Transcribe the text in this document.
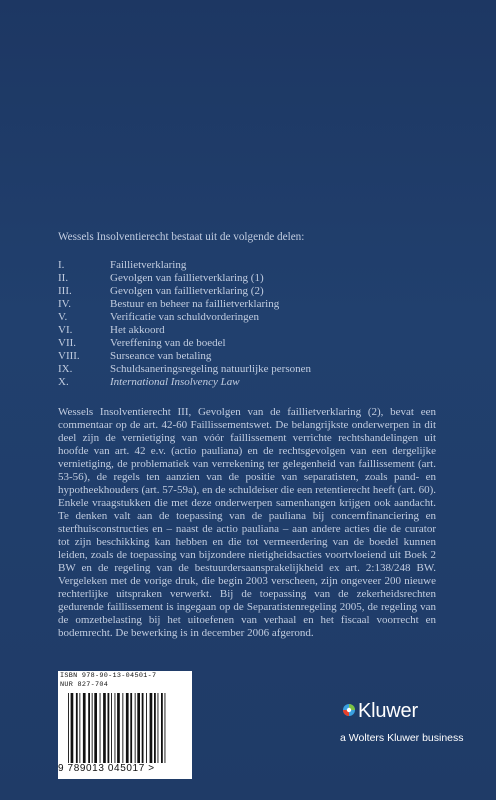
Wessels Insolventierecht bestaat uit de volgende delen:
I.	Faillietverklaring
II.	Gevolgen van faillietverklaring (1)
III.	Gevolgen van faillietverklaring (2)
IV.	Bestuur en beheer na faillietverklaring
V.	Verificatie van schuldvorderingen
VI.	Het akkoord
VII.	Vereffening van de boedel
VIII.	Surseance van betaling
IX.	Schuldsaneringsregeling natuurlijke personen
X.	International Insolvency Law

Wessels Insolventierecht III, Gevolgen van de faillietverklaring (2), bevat een commentaar op de art. 42-60 Faillissementswet. De belangrijkste onderwerpen in dit deel zijn de vernietiging van vóór faillissement verrichte rechtshandelingen uit hoofde van art. 42 e.v. (actio pauliana) en de rechtsgevolgen van een dergelijke vernietiging, de problematiek van verrekening ter gelegenheid van faillissement (art. 53-56), de regels ten aanzien van de positie van separatisten, zoals pand- en hypotheekhouders (art. 57-59a), en de schuldeiser die een retentierecht heeft (art. 60). Enkele vraagstukken die met deze onderwerpen samenhangen krijgen ook aandacht. Te denken valt aan de toepassing van de pauliana bij concernfinanciering en sterfhuisconstructies en – naast de actio pauliana – aan andere acties die de curator tot zijn beschikking kan hebben en die tot vermeerdering van de boedel kunnen leiden, zoals de toepassing van bijzondere nietigheidsacties voortvloeiend uit Boek 2 BW en de regeling van de bestuurdersaansprakelijkheid ex art. 2:138/248 BW. Vergeleken met de vorige druk, die begin 2003 verscheen, zijn ongeveer 200 nieuwe rechterlijke uitspraken verwerkt. Bij de toepassing van de zekerheidsrechten gedurende faillissement is ingegaan op de Separatistenregeling 2005, de regeling van de omzetbelasting bij het uitoefenen van verhaal en het fiscaal voorrecht en bodemrecht. De bewerking is in december 2006 afgerond.

ISBN 978-90-13-04501-7
NUR 827-704
9 789013 045017 >
Kluwer
a Wolters Kluwer business
